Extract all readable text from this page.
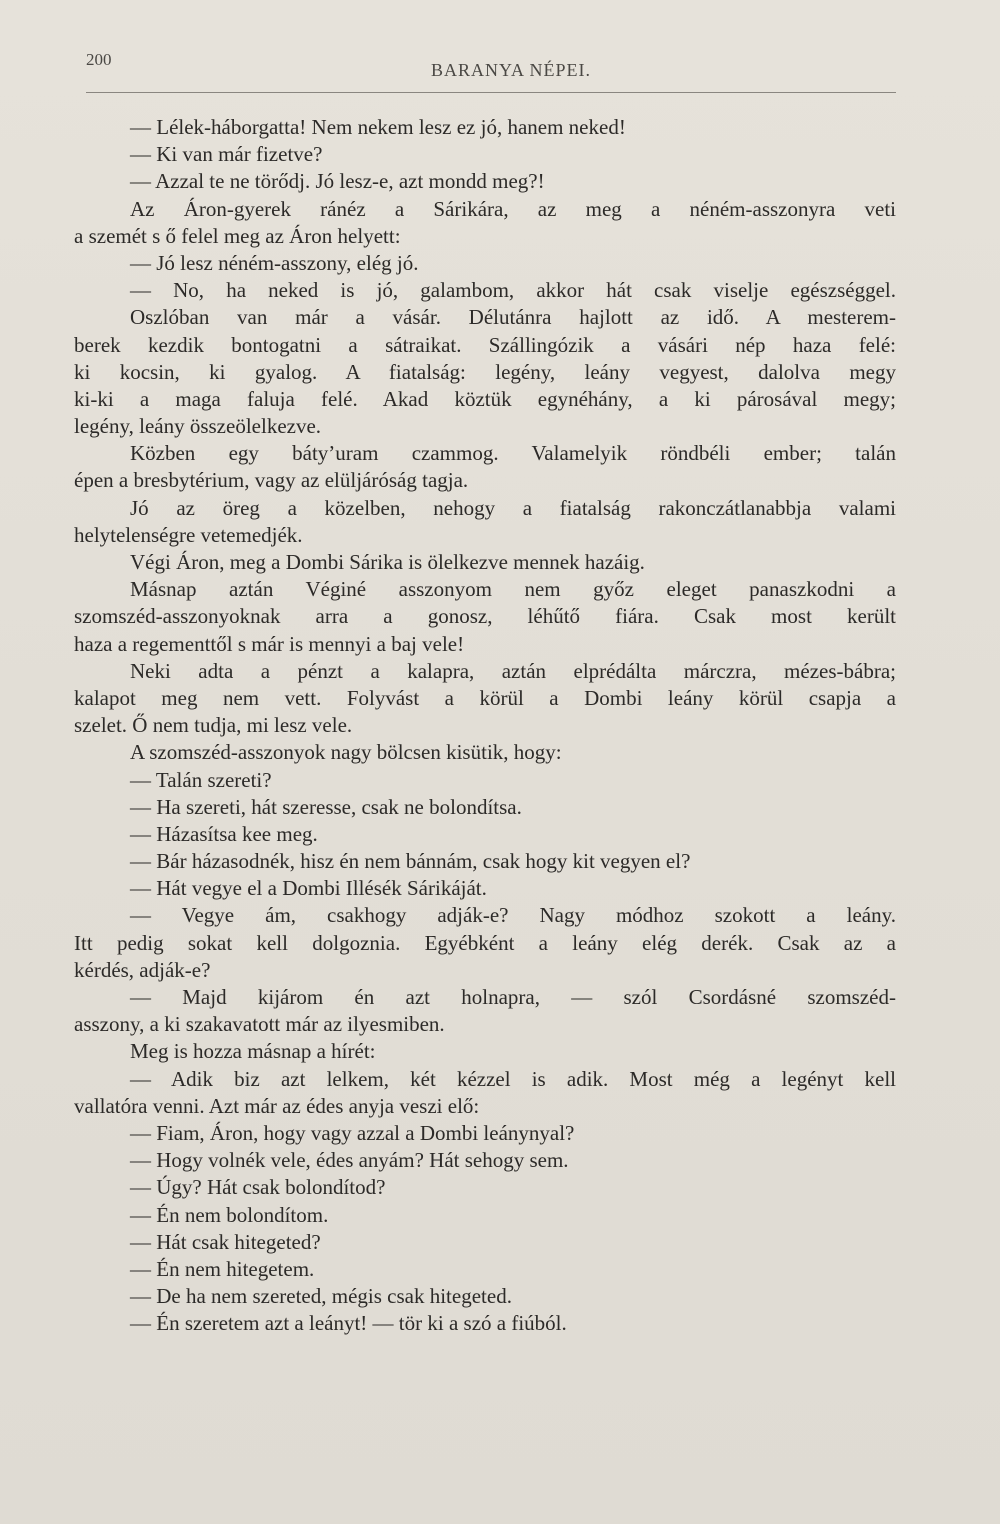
200
BARANYA NÉPEI.
— Lélek-háborgatta! Nem nekem lesz ez jó, hanem neked!
— Ki van már fizetve?
— Azzal te ne törődj. Jó lesz-e, azt mondd meg?!
Az Áron-gyerek ránéz a Sárikára, az meg a néném-asszonyra veti
a szemét s ő felel meg az Áron helyett:
— Jó lesz néném-asszony, elég jó.
— No, ha neked is jó, galambom, akkor hát csak viselje egészséggel.
Oszlóban van már a vásár. Délutánra hajlott az idő. A mesterem-
berek kezdik bontogatni a sátraikat. Szállingózik a vásári nép haza felé:
ki kocsin, ki gyalog. A fiatalság: legény, leány vegyest, dalolva megy
ki-ki a maga faluja felé. Akad köztük egynéhány, a ki párosával megy;
legény, leány összeölelkezve.
Közben egy bátyʼuram czammog. Valamelyik röndbéli ember; talán
épen a bresbytérium, vagy az elüljáróság tagja.
Jó az öreg a közelben, nehogy a fiatalság rakonczátlanabbja valami
helytelenségre vetemedjék.
Végi Áron, meg a Dombi Sárika is ölelkezve mennek hazáig.
Másnap aztán Véginé asszonyom nem győz eleget panaszkodni a
szomszéd-asszonyoknak arra a gonosz, léhűtő fiára. Csak most került
haza a regementtől s már is mennyi a baj vele!
Neki adta a pénzt a kalapra, aztán elprédálta márczra, mézes-bábra;
kalapot meg nem vett. Folyvást a körül a Dombi leány körül csapja a
szelet. Ő nem tudja, mi lesz vele.
A szomszéd-asszonyok nagy bölcsen kisütik, hogy:
— Talán szereti?
— Ha szereti, hát szeresse, csak ne bolondítsa.
— Házasítsa kee meg.
— Bár házasodnék, hisz én nem bánnám, csak hogy kit vegyen el?
— Hát vegye el a Dombi Illésék Sárikáját.
— Vegye ám, csakhogy adják-e? Nagy módhoz szokott a leány.
Itt pedig sokat kell dolgoznia. Egyébként a leány elég derék. Csak az a
kérdés, adják-e?
— Majd kijárom én azt holnapra, — szól Csordásné szomszéd-
asszony, a ki szakavatott már az ilyesmiben.
Meg is hozza másnap a hírét:
— Adik biz azt lelkem, két kézzel is adik. Most még a legényt kell
vallatóra venni. Azt már az édes anyja veszi elő:
— Fiam, Áron, hogy vagy azzal a Dombi leánynyal?
— Hogy volnék vele, édes anyám? Hát sehogy sem.
— Úgy? Hát csak bolondítod?
— Én nem bolondítom.
— Hát csak hitegeted?
— Én nem hitegetem.
— De ha nem szereted, mégis csak hitegeted.
— Én szeretem azt a leányt! — tör ki a szó a fiúból.
